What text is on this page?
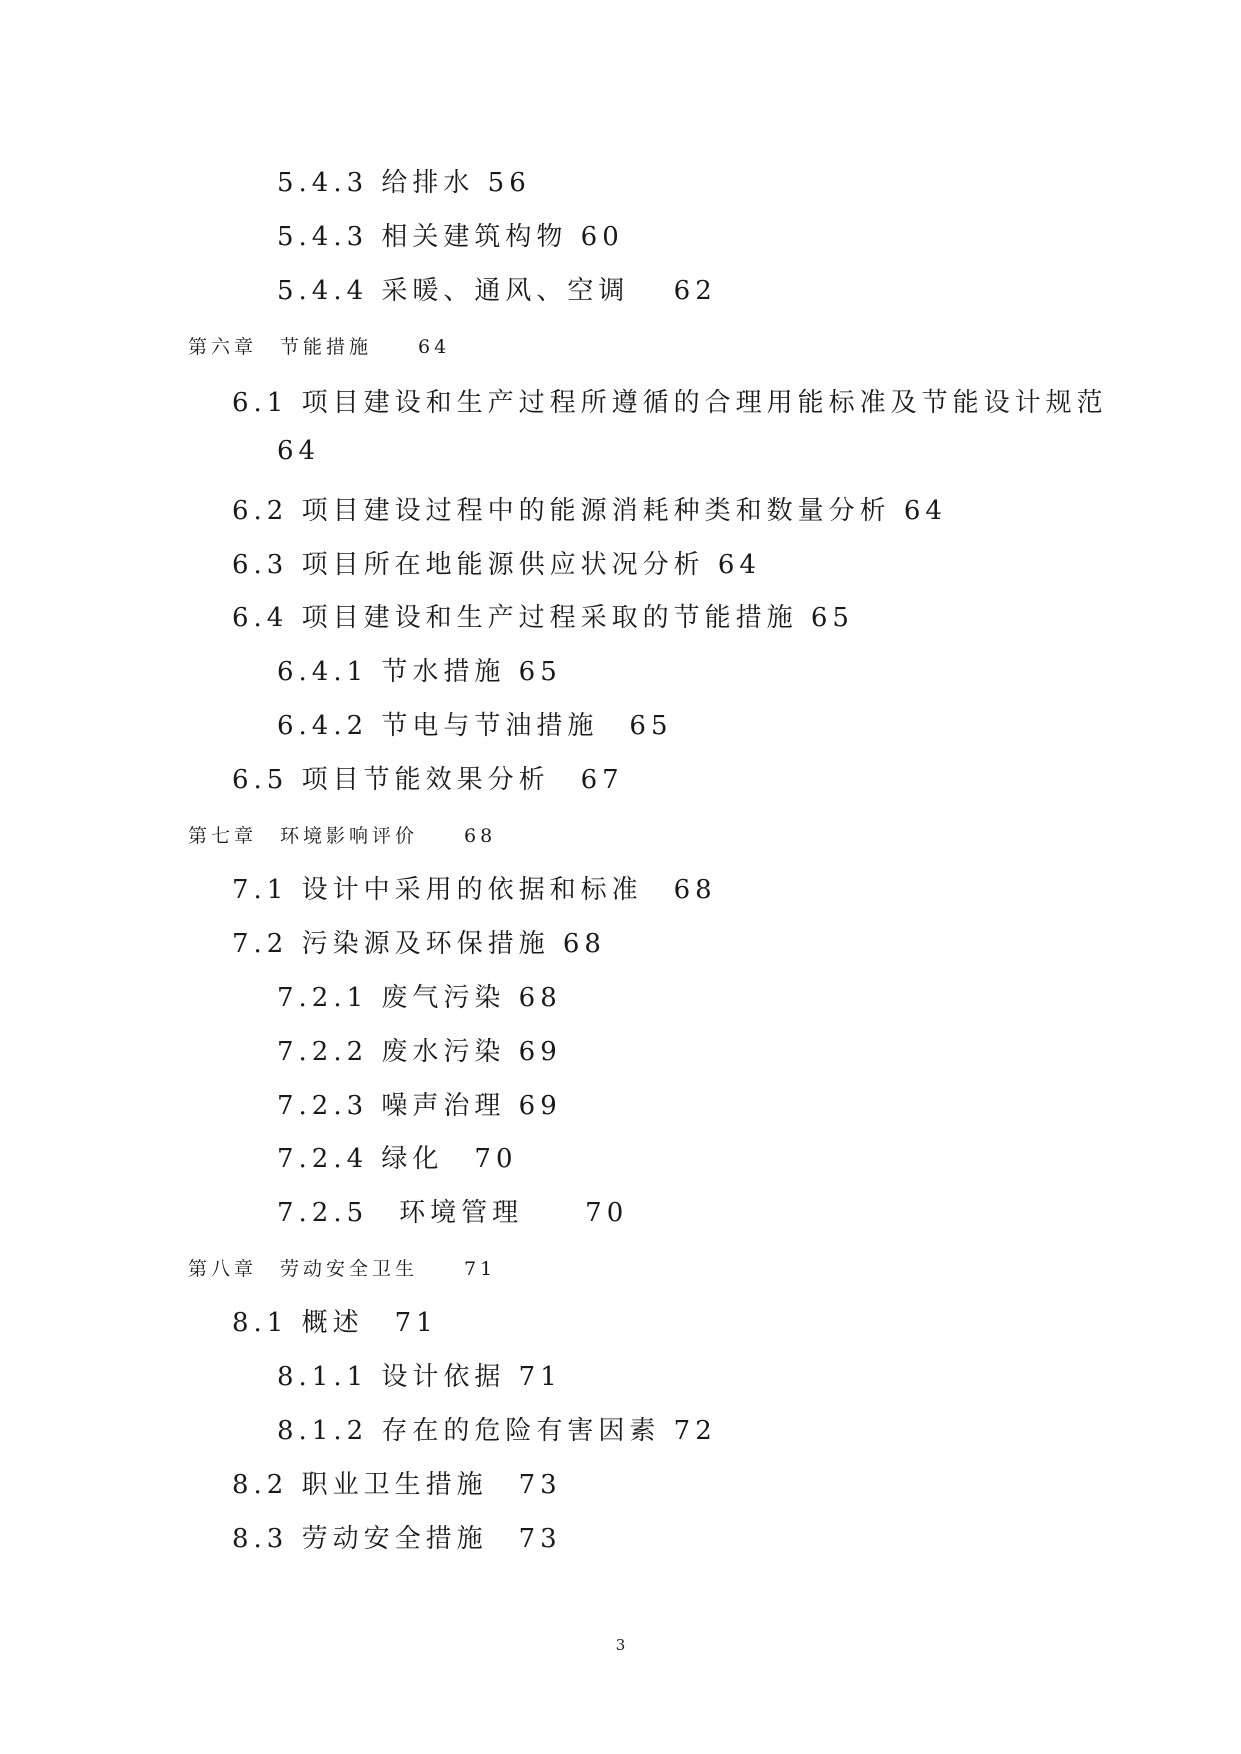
5.4.3 给排水 56
5.4.3 相关建筑构物 60
5.4.4 采暖、通风、空调　 62
第六章　节能措施　　64
6.1 项目建设和生产过程所遵循的合理用能标准及节能设计规范
64
6.2 项目建设过程中的能源消耗种类和数量分析 64
6.3 项目所在地能源供应状况分析 64
6.4 项目建设和生产过程采取的节能措施 65
6.4.1 节水措施 65
6.4.2 节电与节油措施　65
6.5 项目节能效果分析　67
第七章　环境影响评价　　68
7.1 设计中采用的依据和标准　68
7.2 污染源及环保措施 68
7.2.1 废气污染 68
7.2.2 废水污染 69
7.2.3 噪声治理 69
7.2.4 绿化　70
7.2.5　环境管理　　70
第八章　劳动安全卫生　　71
8.1 概述　71
8.1.1 设计依据 71
8.1.2 存在的危险有害因素 72
8.2 职业卫生措施　73
8.3 劳动安全措施　73
3
